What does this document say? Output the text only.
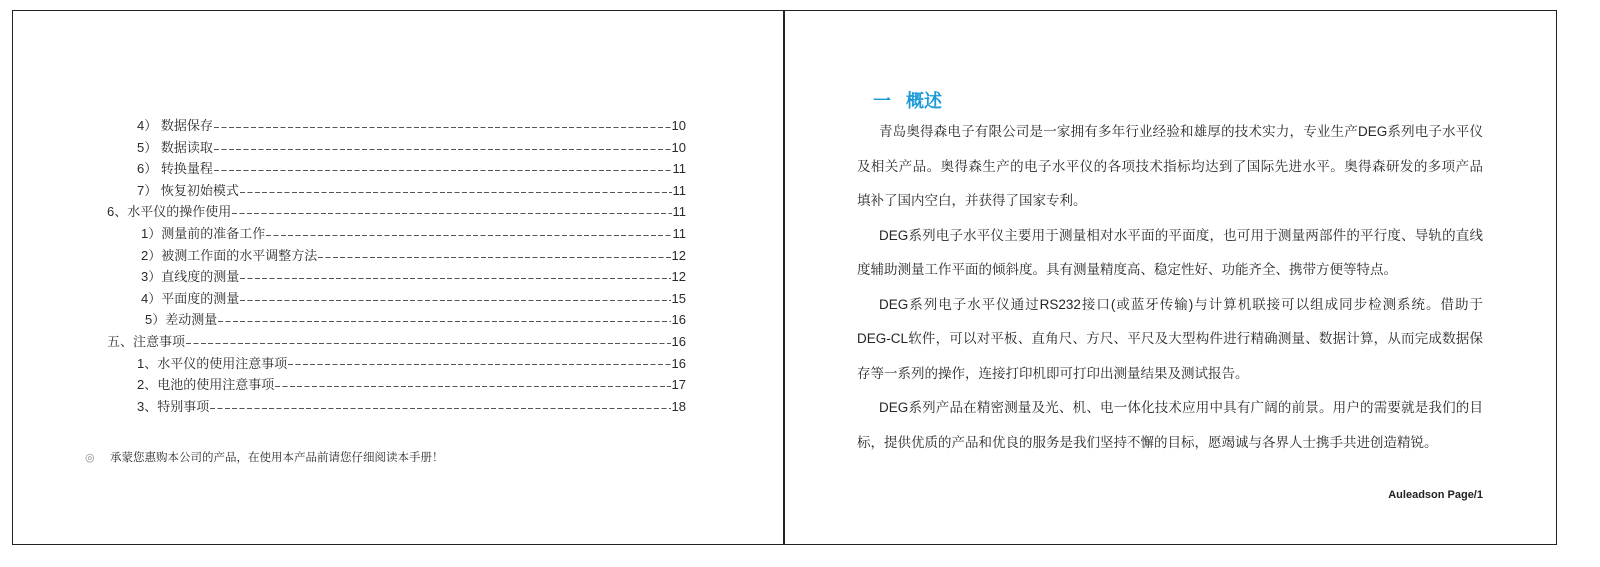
4） 数据保存	10
5） 数据读取	10
6） 转换量程	11
7） 恢复初始模式	11
6、水平仪的操作使用	11
1）测量前的准备工作	11
2）被测工作面的水平调整方法	12
3）直线度的测量	12
4）平面度的测量	15
5）差动测量	16
五、注意事项	16
1、水平仪的使用注意事项	16
2、电池的使用注意事项	17
3、特别事项	18
◎	承蒙您惠购本公司的产品，在使用本产品前请您仔细阅读本手册！
一 概述
青岛奥得森电子有限公司是一家拥有多年行业经验和雄厚的技术实力，专业生产DEG系列电子水平仪
及相关产品。奥得森生产的电子水平仪的各项技术指标均达到了国际先进水平。奥得森研发的多项产品
填补了国内空白，并获得了国家专利。
DEG系列电子水平仪主要用于测量相对水平面的平面度，也可用于测量两部件的平行度、导轨的直线
度辅助测量工作平面的倾斜度。具有测量精度高、稳定性好、功能齐全、携带方便等特点。
DEG系列电子水平仪通过RS232接口(或蓝牙传输)与计算机联接可以组成同步检测系统。借助于
DEG-CL软件，可以对平板、直角尺、方尺、平尺及大型构件进行精确测量、数据计算，从而完成数据保
存等一系列的操作，连接打印机即可打印出测量结果及测试报告。
DEG系列产品在精密测量及光、机、电一体化技术应用中具有广阔的前景。用户的需要就是我们的目
标，提供优质的产品和优良的服务是我们坚持不懈的目标，愿竭诚与各界人士携手共进创造精锐。
Auleadson Page/1
